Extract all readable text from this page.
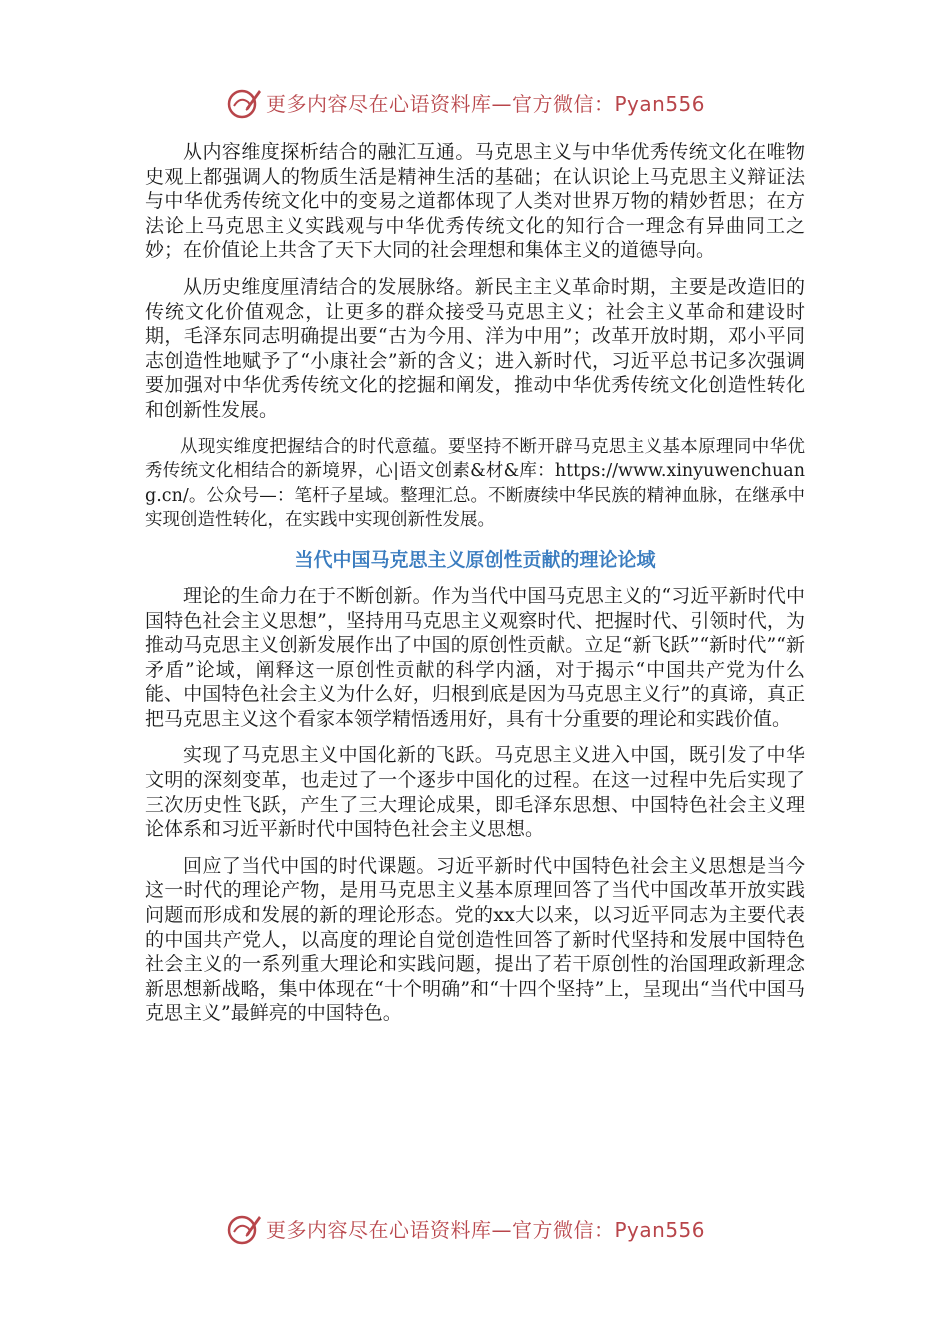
更多内容尽在心语资料库—官方微信：Pyan556

从内容维度探析结合的融汇互通。马克思主义与中华优秀传统文化在唯物史观上都强调人的物质生活是精神生活的基础；在认识论上马克思主义辩证法与中华优秀传统文化中的变易之道都体现了人类对世界万物的精妙哲思；在方法论上马克思主义实践观与中华优秀传统文化的知行合一理念有异曲同工之妙；在价值论上共含了天下大同的社会理想和集体主义的道德导向。

从历史维度厘清结合的发展脉络。新民主主义革命时期，主要是改造旧的传统文化价值观念，让更多的群众接受马克思主义；社会主义革命和建设时期，毛泽东同志明确提出要“古为今用、洋为中用”；改革开放时期，邓小平同志创造性地赋予了“小康社会”新的含义；进入新时代，习近平总书记多次强调要加强对中华优秀传统文化的挖掘和阐发，推动中华优秀传统文化创造性转化和创新性发展。

从现实维度把握结合的时代意蕴。要坚持不断开辟马克思主义基本原理同中华优秀传统文化相结合的新境界，心|语文创素&材&库：https://www.xinyuwenchuang.cn/。公众号—：笔杆子星域。整理汇总。不断赓续中华民族的精神血脉，在继承中实现创造性转化，在实践中实现创新性发展。

当代中国马克思主义原创性贡献的理论论域

理论的生命力在于不断创新。作为当代中国马克思主义的“习近平新时代中国特色社会主义思想”，坚持用马克思主义观察时代、把握时代、引领时代，为推动马克思主义创新发展作出了中国的原创性贡献。立足“新飞跃”“新时代”“新矛盾”论域，阐释这一原创性贡献的科学内涵，对于揭示“中国共产党为什么能、中国特色社会主义为什么好，归根到底是因为马克思主义行”的真谛，真正把马克思主义这个看家本领学精悟透用好，具有十分重要的理论和实践价值。

实现了马克思主义中国化新的飞跃。马克思主义进入中国，既引发了中华文明的深刻变革，也走过了一个逐步中国化的过程。在这一过程中先后实现了三次历史性飞跃，产生了三大理论成果，即毛泽东思想、中国特色社会主义理论体系和习近平新时代中国特色社会主义思想。

回应了当代中国的时代课题。习近平新时代中国特色社会主义思想是当今这一时代的理论产物，是用马克思主义基本原理回答了当代中国改革开放实践问题而形成和发展的新的理论形态。党的xx大以来，以习近平同志为主要代表的中国共产党人，以高度的理论自觉创造性回答了新时代坚持和发展中国特色社会主义的一系列重大理论和实践问题，提出了若干原创性的治国理政新理念新思想新战略，集中体现在“十个明确”和“十四个坚持”上，呈现出“当代中国马克思主义”最鲜亮的中国特色。

更多内容尽在心语资料库—官方微信：Pyan556
